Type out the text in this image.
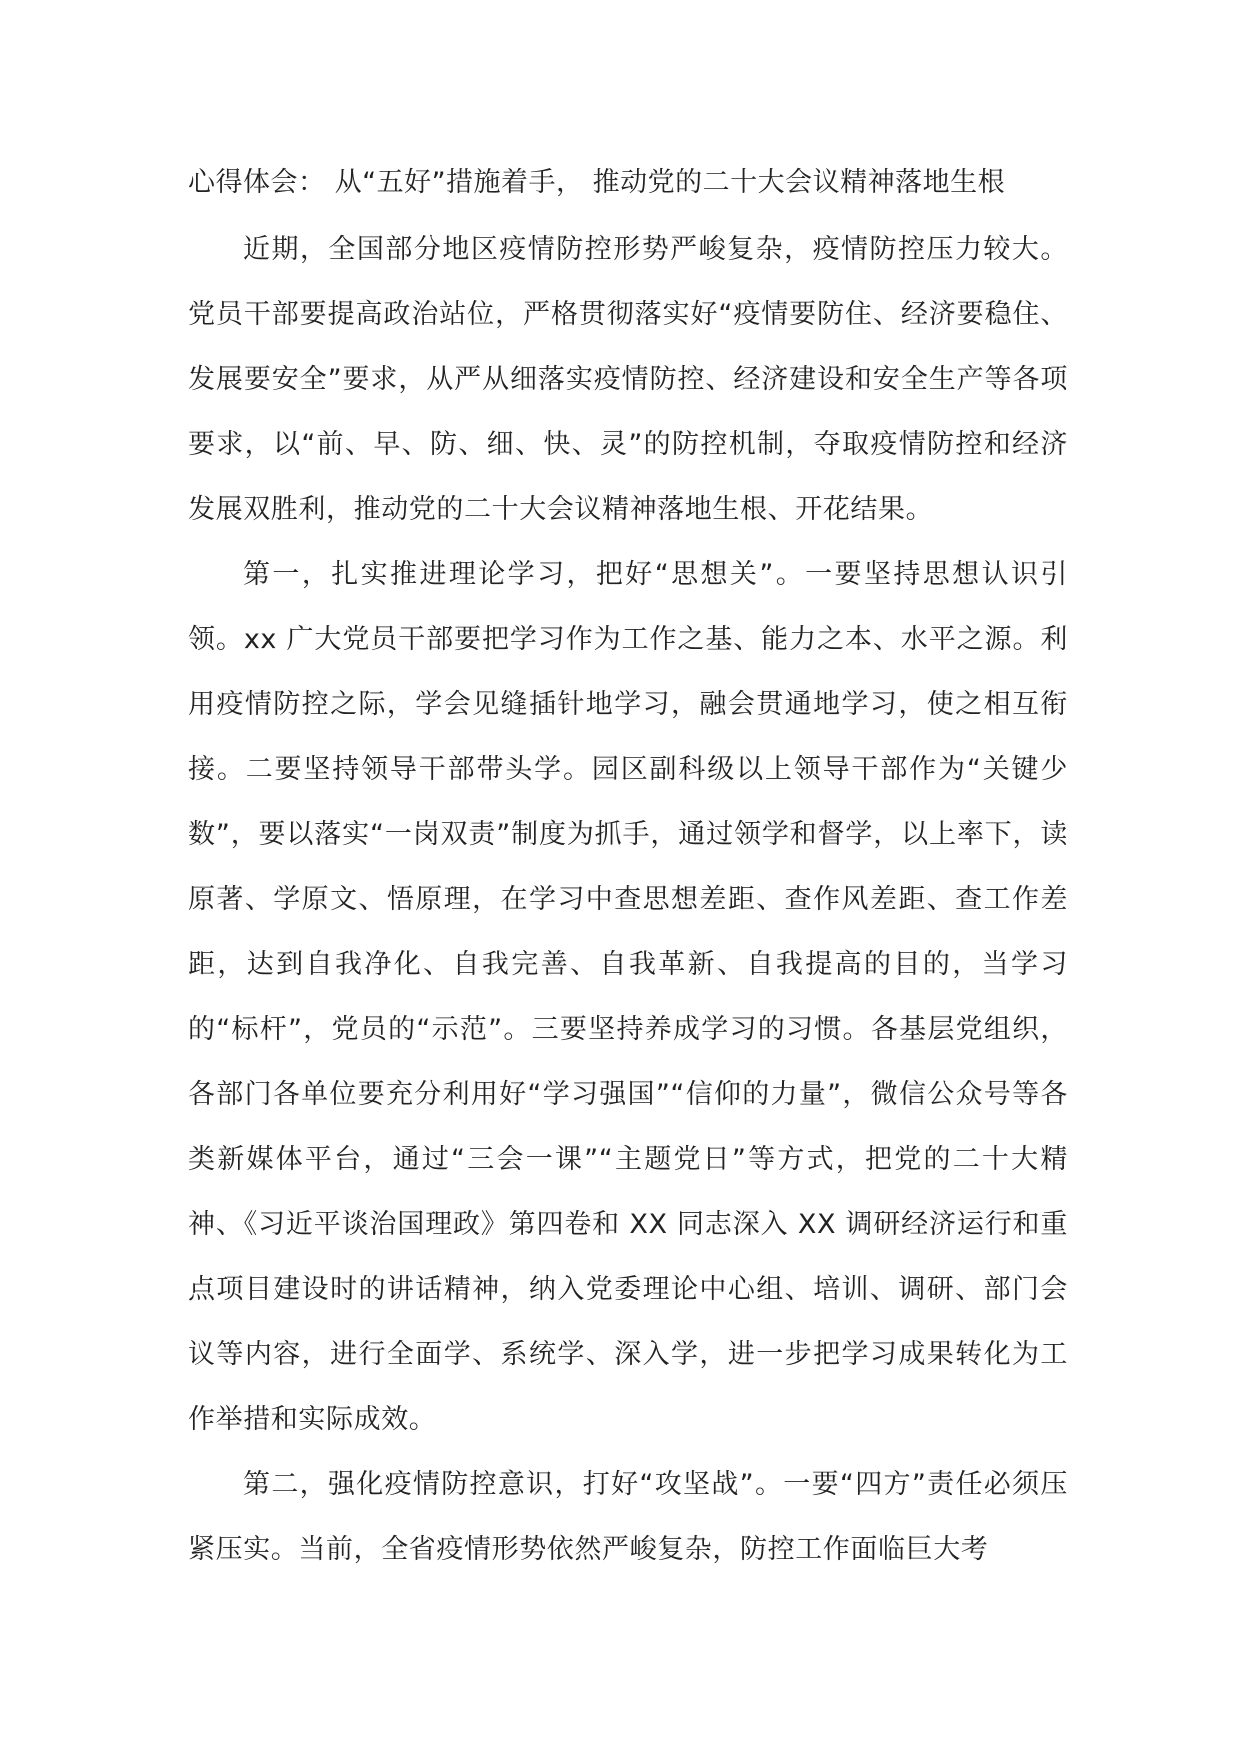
心得体会： 从“五好”措施着手， 推动党的二十大会议精神落地生根

近期，全国部分地区疫情防控形势严峻复杂，疫情防控压力较大。党员干部要提高政治站位，严格贯彻落实好“疫情要防住、经济要稳住、发展要安全”要求，从严从细落实疫情防控、经济建设和安全生产等各项要求，以“前、早、防、细、快、灵”的防控机制，夺取疫情防控和经济发展双胜利，推动党的二十大会议精神落地生根、开花结果。

第一，扎实推进理论学习，把好“思想关”。一要坚持思想认识引领。xx 广大党员干部要把学习作为工作之基、能力之本、水平之源。利用疫情防控之际，学会见缝插针地学习，融会贯通地学习，使之相互衔接。二要坚持领导干部带头学。园区副科级以上领导干部作为“关键少数”，要以落实“一岗双责”制度为抓手，通过领学和督学，以上率下，读原著、学原文、悟原理，在学习中查思想差距、查作风差距、查工作差距，达到自我净化、自我完善、自我革新、自我提高的目的，当学习的“标杆”，党员的“示范”。三要坚持养成学习的习惯。各基层党组织，各部门各单位要充分利用好“学习强国”“信仰的力量”，微信公众号等各类新媒体平台，通过“三会一课”“主题党日”等方式，把党的二十大精神、《习近平谈治国理政》第四卷和 XX 同志深入 XX 调研经济运行和重点项目建设时的讲话精神，纳入党委理论中心组、培训、调研、部门会议等内容，进行全面学、系统学、深入学，进一步把学习成果转化为工作举措和实际成效。

第二，强化疫情防控意识，打好“攻坚战”。一要“四方”责任必须压紧压实。当前，全省疫情形势依然严峻复杂，防控工作面临巨大考
